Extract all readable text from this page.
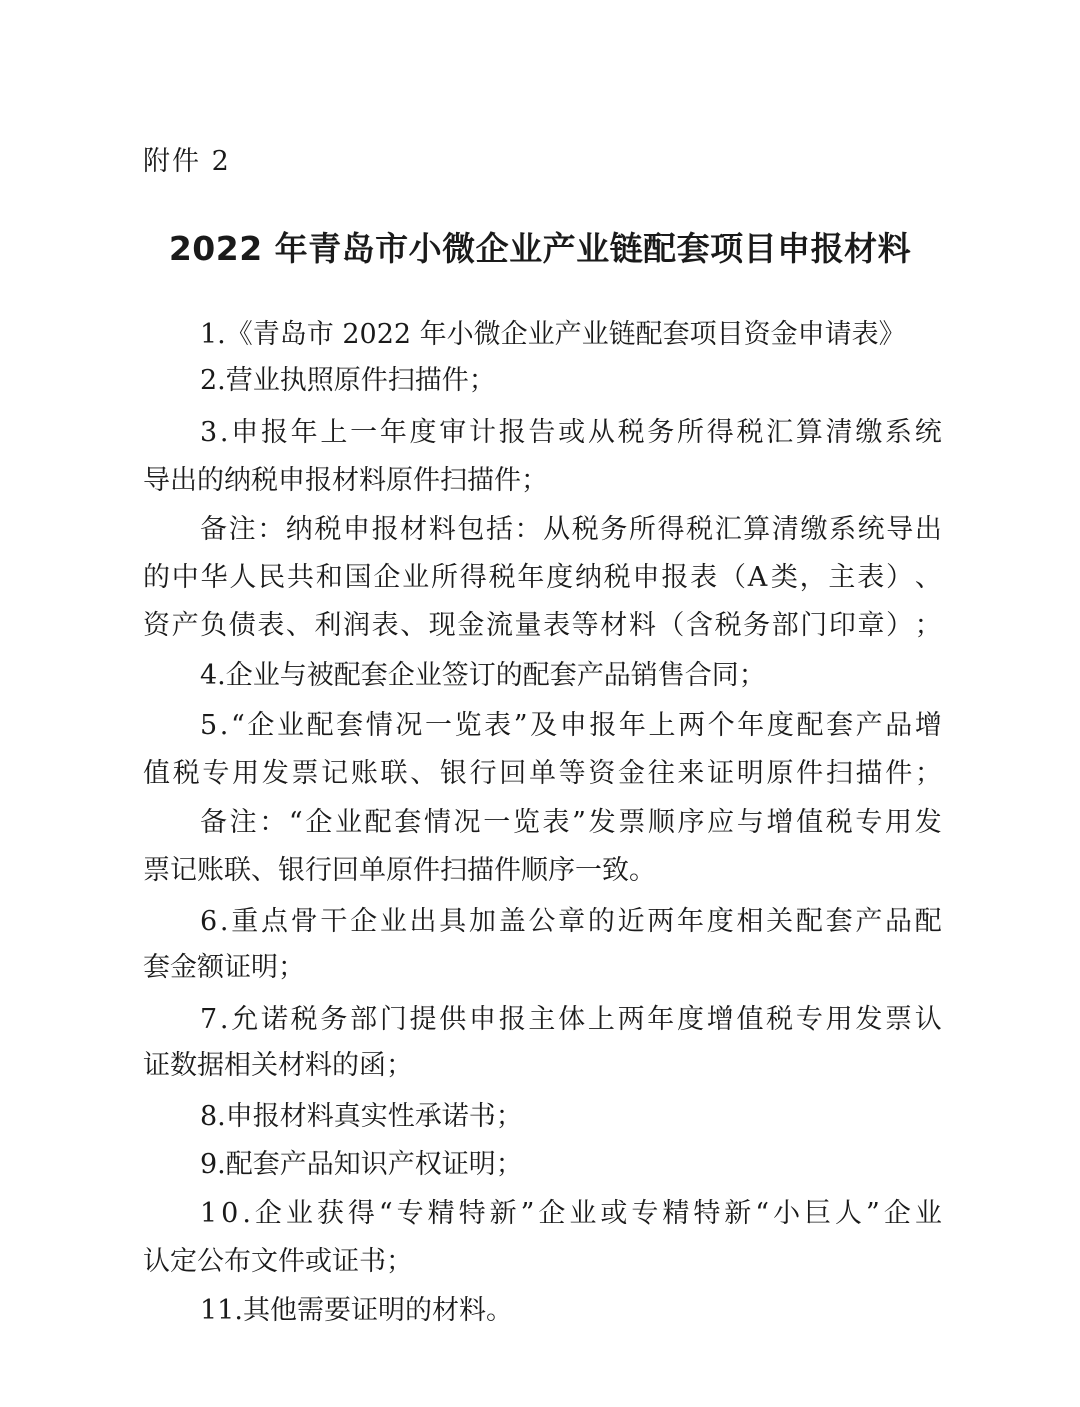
附件 2
2022 年青岛市小微企业产业链配套项目申报材料
1.《青岛市 2022 年小微企业产业链配套项目资金申请表》
2.营业执照原件扫描件；
3 . 申 报 年 上 一 年 度 审 计 报 告 或 从 税 务 所 得 税 汇 算 清 缴 系 统
导出的纳税申报材料原件扫描件；
备 注 ： 纳 税 申 报 材 料 包 括 ： 从 税 务 所 得 税 汇 算 清 缴 系 统 导 出
的 中 华 人 民 共 和 国 企 业 所 得 税 年 度 纳 税 申 报 表 （ A 类 ， 主 表 ） 、
资 产 负 债 表 、 利 润 表 、 现 金 流 量 表 等 材 料 （ 含 税 务 部 门 印 章 ） ；
4.企业与被配套企业签订的配套产品销售合同；
5 . “ 企 业 配 套 情 况 一 览 表 ” 及 申 报 年 上 两 个 年 度 配 套 产 品 增
值 税 专 用 发 票 记 账 联 、 银 行 回 单 等 资 金 往 来 证 明 原 件 扫 描 件 ；
备 注 ： “ 企 业 配 套 情 况 一 览 表 ” 发 票 顺 序 应 与 增 值 税 专 用 发
票记账联、银行回单原件扫描件顺序一致。
6 . 重 点 骨 干 企 业 出 具 加 盖 公 章 的 近 两 年 度 相 关 配 套 产 品 配
套金额证明；
7 . 允 诺 税 务 部 门 提 供 申 报 主 体 上 两 年 度 增 值 税 专 用 发 票 认
证数据相关材料的函；
8.申报材料真实性承诺书；
9.配套产品知识产权证明；
1 0 . 企 业 获 得 “ 专 精 特 新 ” 企 业 或 专 精 特 新 “ 小 巨 人 ” 企 业
认定公布文件或证书；
11.其他需要证明的材料。
